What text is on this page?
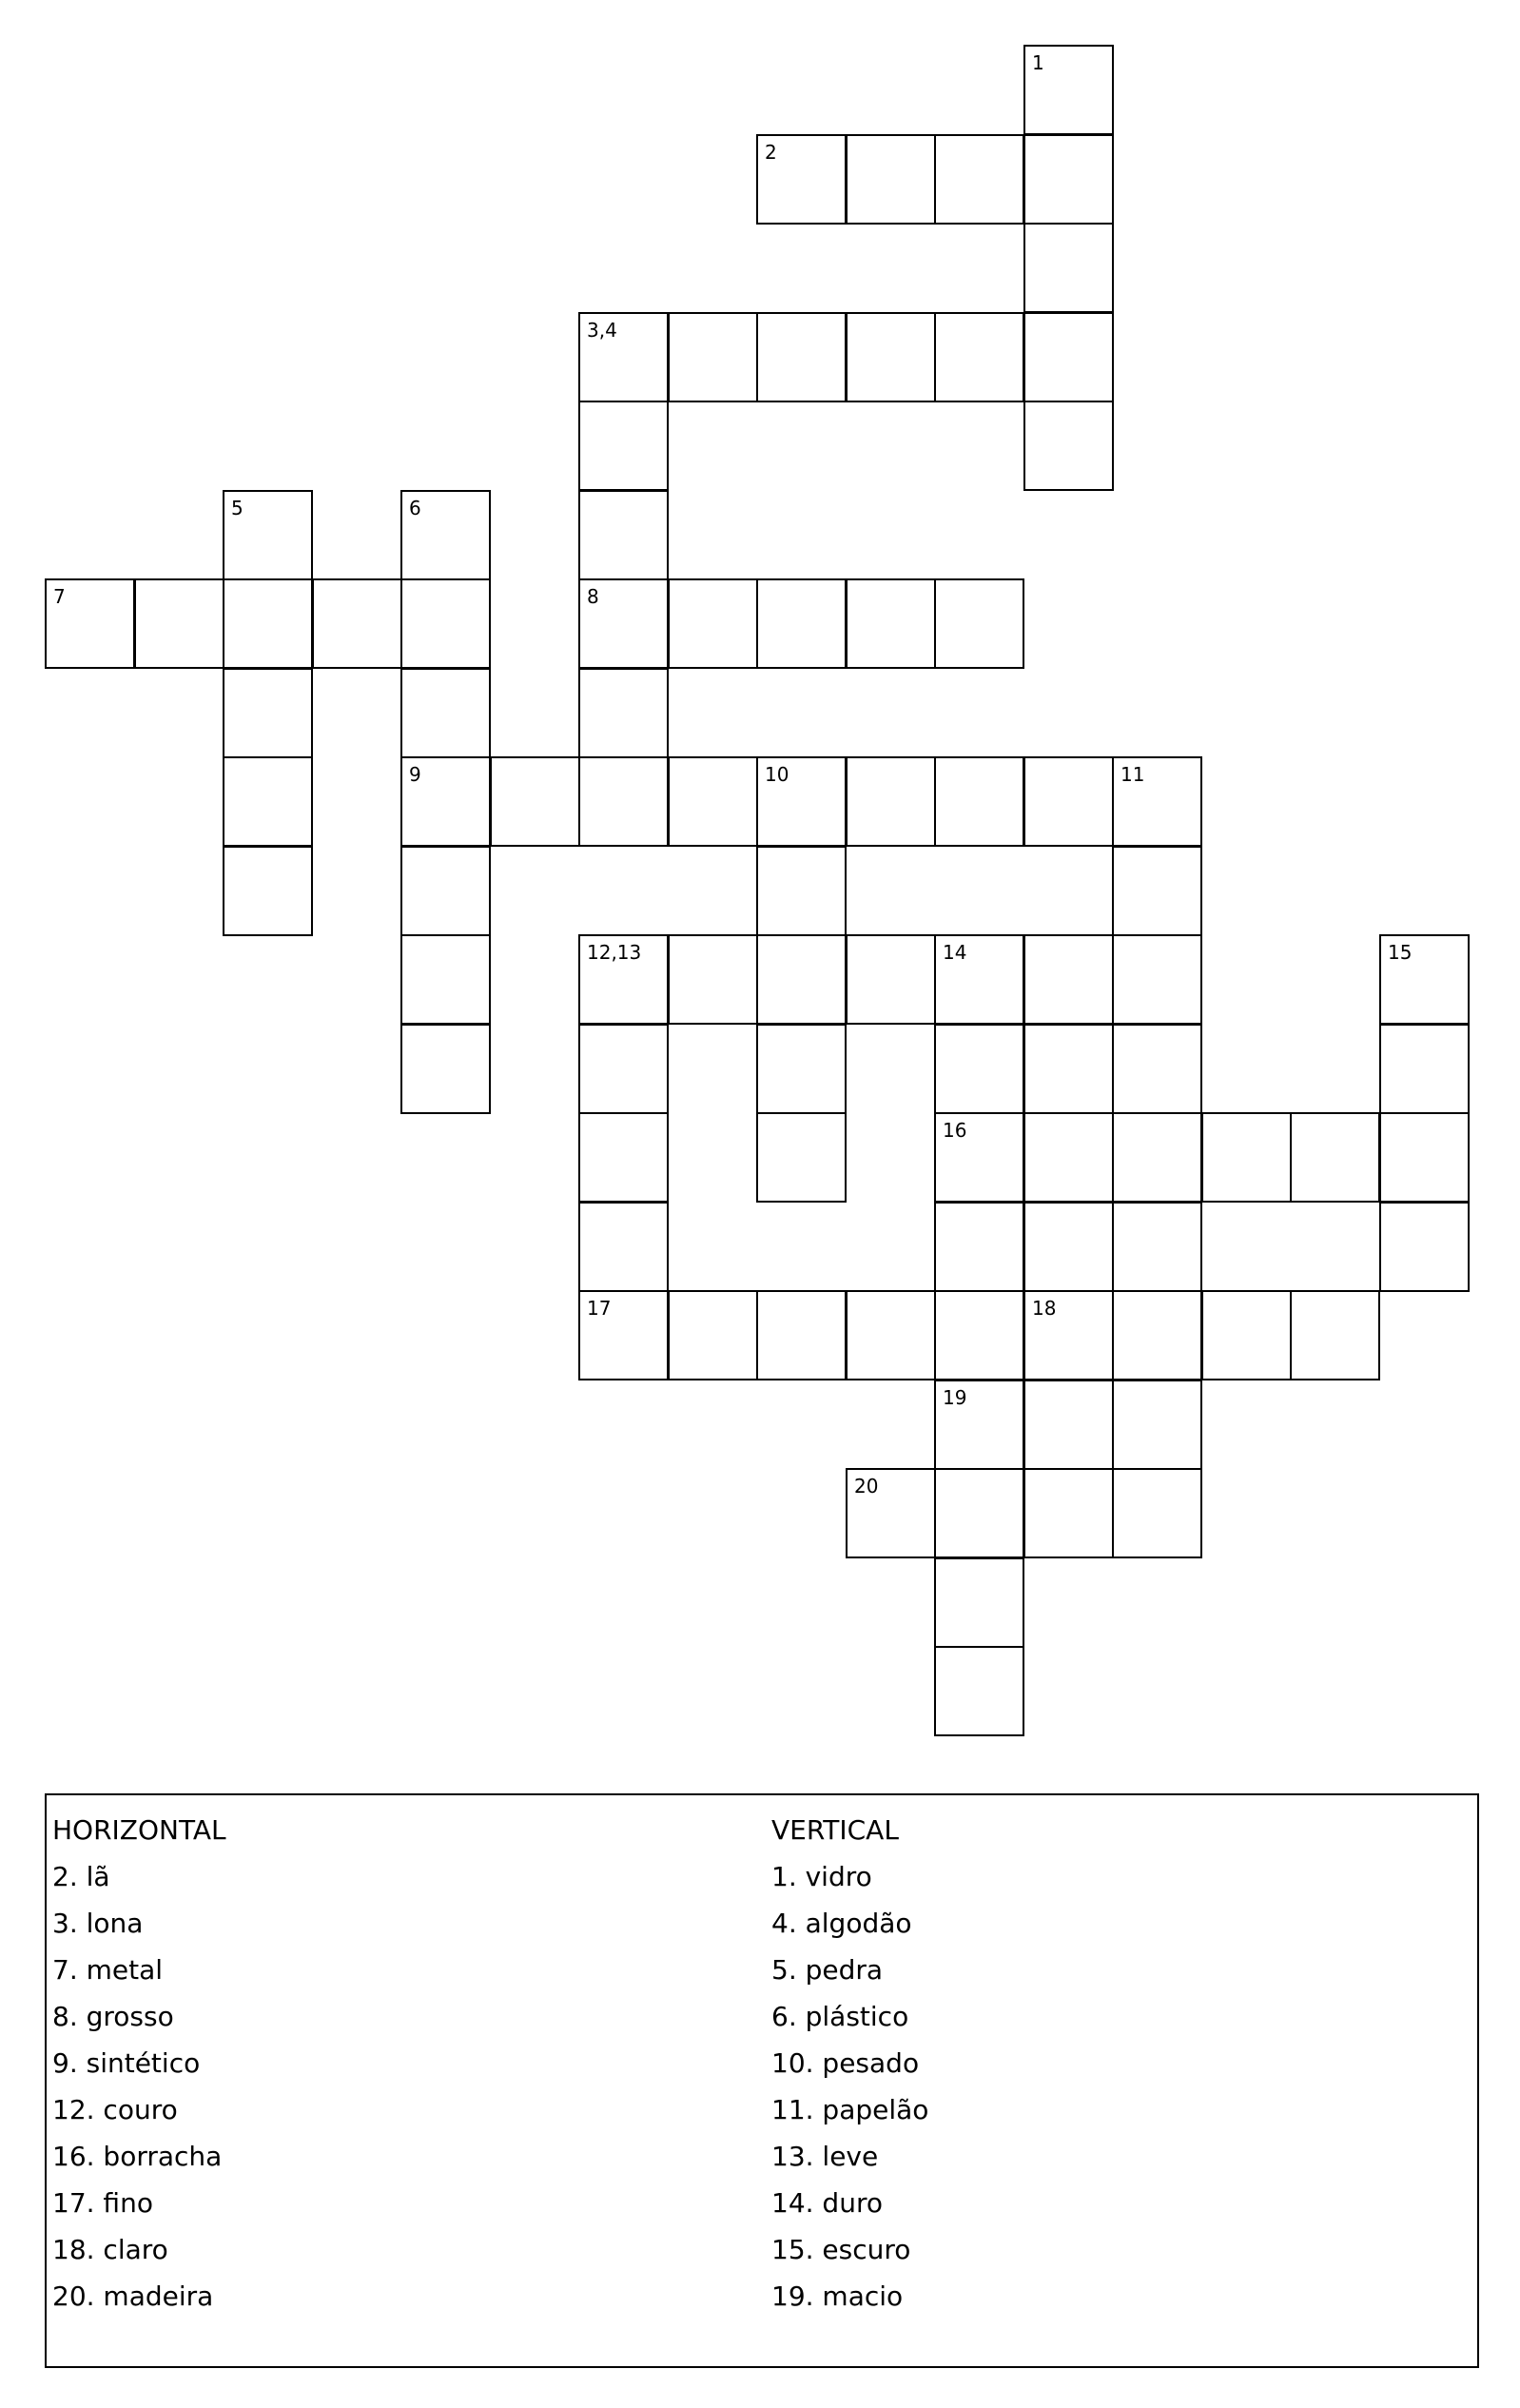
1
2
3,4
5	6
7	8
9	10	11
12,13	14	15
16
17	18
19
20
HORIZONTAL
2. lã
3. lona
7. metal
8. grosso
9. sintético
12. couro
16. borracha
17. fino
18. claro
20. madeira
VERTICAL
1. vidro
4. algodão
5. pedra
6. plástico
10. pesado
11. papelão
13. leve
14. duro
15. escuro
19. macio
